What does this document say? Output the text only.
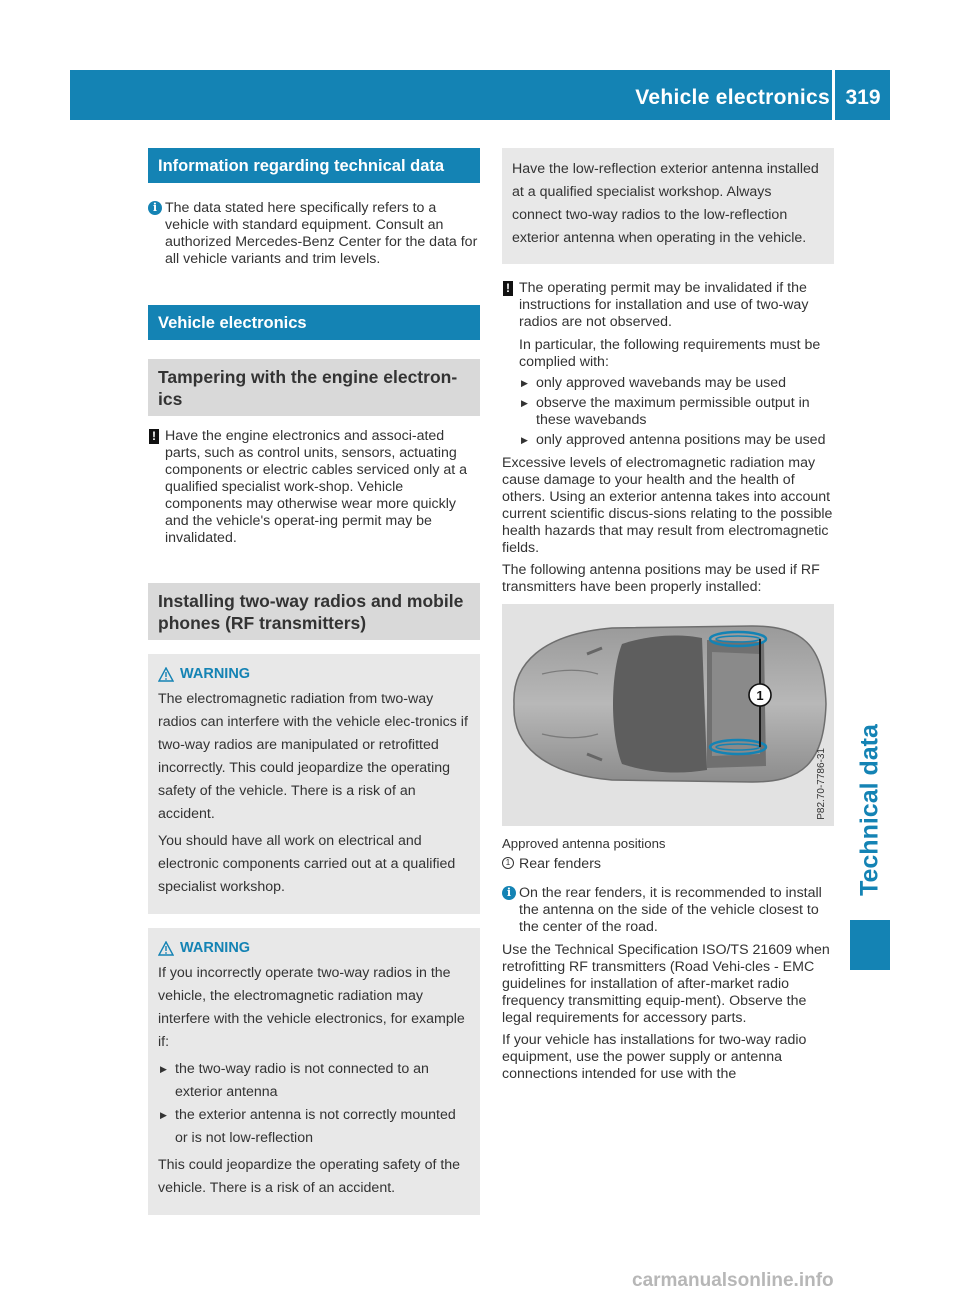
Vehicle electronics 319
Technical data
Information regarding technical data
i The data stated here specifically refers to a vehicle with standard equipment. Consult an authorized Mercedes-Benz Center for the data for all vehicle variants and trim levels.
Vehicle electronics
Tampering with the engine electron-ics
! Have the engine electronics and associ-ated parts, such as control units, sensors, actuating components or electric cables serviced only at a qualified specialist work-shop. Vehicle components may otherwise wear more quickly and the vehicle's operat-ing permit may be invalidated.
Installing two-way radios and mobile phones (RF transmitters)
WARNING

The electromagnetic radiation from two-way radios can interfere with the vehicle elec-tronics if two-way radios are manipulated or retrofitted incorrectly. This could jeopardize the operating safety of the vehicle. There is a risk of an accident.

You should have all work on electrical and electronic components carried out at a qualified specialist workshop.

WARNING

If you incorrectly operate two-way radios in the vehicle, the electromagnetic radiation may interfere with the vehicle electronics, for example if:

▶ the two-way radio is not connected to an exterior antenna
▶ the exterior antenna is not correctly mounted or is not low-reflection

This could jeopardize the operating safety of the vehicle. There is a risk of an accident.

Have the low-reflection exterior antenna installed at a qualified specialist workshop. Always connect two-way radios to the low-reflection exterior antenna when operating in the vehicle.

! The operating permit may be invalidated if the instructions for installation and use of two-way radios are not observed.
In particular, the following requirements must be complied with:
▶ only approved wavebands may be used
▶ observe the maximum permissible output in these wavebands
▶ only approved antenna positions may be used

Excessive levels of electromagnetic radiation may cause damage to your health and the health of others. Using an exterior antenna takes into account current scientific discus-sions relating to the possible health hazards that may result from electromagnetic fields.

The following antenna positions may be used if RF transmitters have been properly installed:

1
P82.70-7786-31

Approved antenna positions

1 Rear fenders
i On the rear fenders, it is recommended to install the antenna on the side of the vehicle closest to the center of the road.

Use the Technical Specification ISO/TS 21609 when retrofitting RF transmitters (Road Vehi-cles - EMC guidelines for installation of after-market radio frequency transmitting equip-ment). Observe the legal requirements for accessory parts.

If your vehicle has installations for two-way radio equipment, use the power supply or antenna connections intended for use with the

carmanualsonline.info
